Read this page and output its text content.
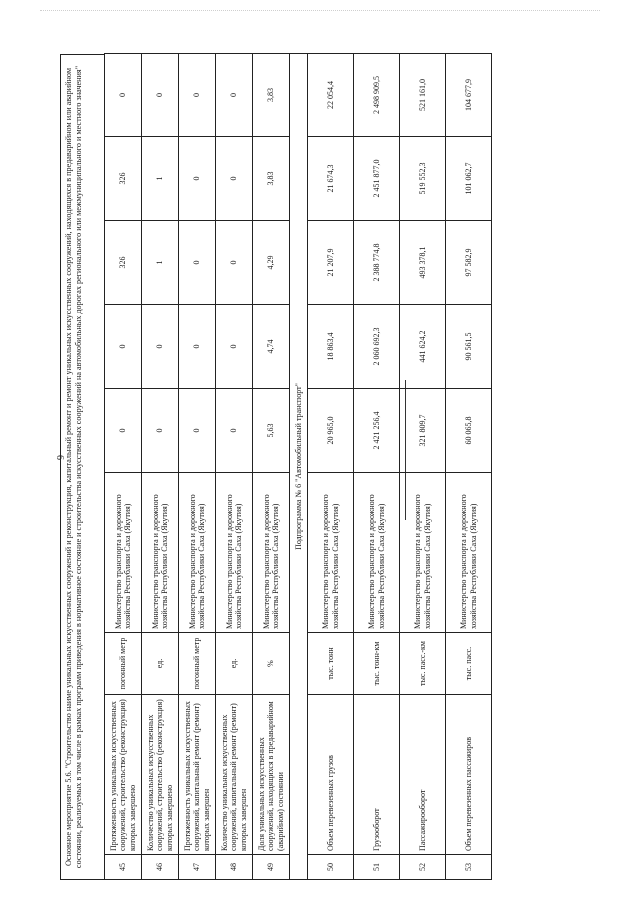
6 Основное мероприятие 5.6. "Строительство наиме уникальных искусственных сооружений и реконструкция, капитальный ремонт и ремонт уникальных искусственных сооружений, находящихся в предаварийном или аварийном состоянии, реализуемых в том числе в рамках программ приведения в нормативное состояние и строительства искусственных сооружений на автомобильных дорогах регионального или межмуниципального и местного значения"	45	Протяженность уникальных искусственных сооружений, строительство (реконструкция) которых завершено	погонный метр	Министерство транспорта и дорожного хозяйства Республики Саха (Якутия)	0	0	326	326	0
46	Количество уникальных искусственных сооружений, строительство (реконструкция) которых завершено	ед.	Министерство транспорта и дорожного хозяйства Республики Саха (Якутия)	0	0	1	1	0
47	Протяженность уникальных искусственных сооружений, капитальный ремонт (ремонт) которых завершен	погонный метр	Министерство транспорта и дорожного хозяйства Республики Саха (Якутия)	0	0	0	0	0
48	Количество уникальных искусственных сооружений, капитальный ремонт (ремонт) которых завершен	ед.	Министерство транспорта и дорожного хозяйства Республики Саха (Якутия)	0	0	0	0	0
49	Доля уникальных искусственных сооружений, находящихся в предаварийном (аварийном) состоянии	%	Министерство транспорта и дорожного хозяйства Республики Саха (Якутия)	5,63	4,74	4,29	3,83	3,83
Подпрограмма № 6 "Автомобильный транспорт"								
50	Объем перевезенных грузов	тыс. тонн	Министерство транспорта и дорожного хозяйства Республики Саха (Якутия)	20 965,0	18 863,4	21 207,9	21 674,3	22 054,4
51	Грузооборот	тыс. тонн-км	Министерство транспорта и дорожного хозяйства Республики Саха (Якутия)	2 421 256,4	2 060 692,3	2 388 774,8	2 451 877,0	2 498 909,5
52	Пассажирооборот	тыс. пасс.-км	Министерство транспорта и дорожного хозяйства Республики Саха (Якутия)	321 809,7	441 624,2	493 378,1	519 552,3	521 161,0
53	Объем перевезенных пассажиров	тыс. пасс.	Министерство транспорта и дорожного хозяйства Республики Саха (Якутия)	60 065,8	90 561,5	97 582,9	101 062,7	104 677,9
